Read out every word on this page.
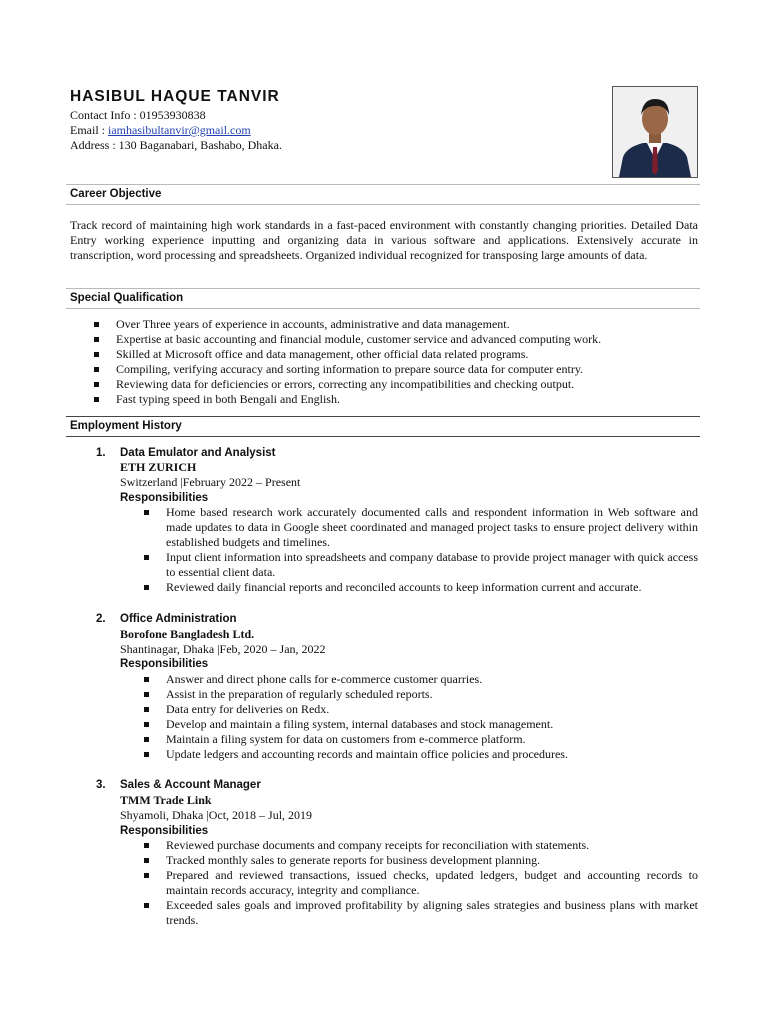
HASIBUL HAQUE TANVIR
Contact Info : 01953930838
Email : iamhasibultanvir@gmail.com
Address : 130 Baganabari, Bashabo, Dhaka.
Career Objective

Track record of maintaining high work standards in a fast-paced environment with constantly changing priorities. Detailed Data Entry working experience inputting and organizing data in various software and applications. Extensively accurate in transcription, word processing and spreadsheets. Organized individual recognized for transposing large amounts of data.

Special Qualification
Over Three years of experience in accounts, administrative and data management.
Expertise at basic accounting and financial module, customer service and advanced computing work.
Skilled at Microsoft office and data management, other official data related programs.
Compiling, verifying accuracy and sorting information to prepare source data for computer entry.
Reviewing data for deficiencies or errors, correcting any incompatibilities and checking output.
Fast typing speed in both Bengali and English.
Employment History
1. Data Emulator and Analysist
ETH ZURICH
Switzerland |February 2022 – Present
Responsibilities
Home based research work accurately documented calls and respondent information in Web software and made updates to data in Google sheet coordinated and managed project tasks to ensure project delivery within established budgets and timelines.
Input client information into spreadsheets and company database to provide project manager with quick access to essential client data.
Reviewed daily financial reports and reconciled accounts to keep information current and accurate.
2. Office Administration
Borofone Bangladesh Ltd.
Shantinagar, Dhaka |Feb, 2020 – Jan, 2022
Responsibilities
Answer and direct phone calls for e-commerce customer quarries.
Assist in the preparation of regularly scheduled reports.
Data entry for deliveries on Redx.
Develop and maintain a filing system, internal databases and stock management.
Maintain a filing system for data on customers from e-commerce platform.
Update ledgers and accounting records and maintain office policies and procedures.
3. Sales & Account Manager
TMM Trade Link
Shyamoli, Dhaka |Oct, 2018 – Jul, 2019
Responsibilities
Reviewed purchase documents and company receipts for reconciliation with statements.
Tracked monthly sales to generate reports for business development planning.
Prepared and reviewed transactions, issued checks, updated ledgers, budget and accounting records to maintain records accuracy, integrity and compliance.
Exceeded sales goals and improved profitability by aligning sales strategies and business plans with market trends.
